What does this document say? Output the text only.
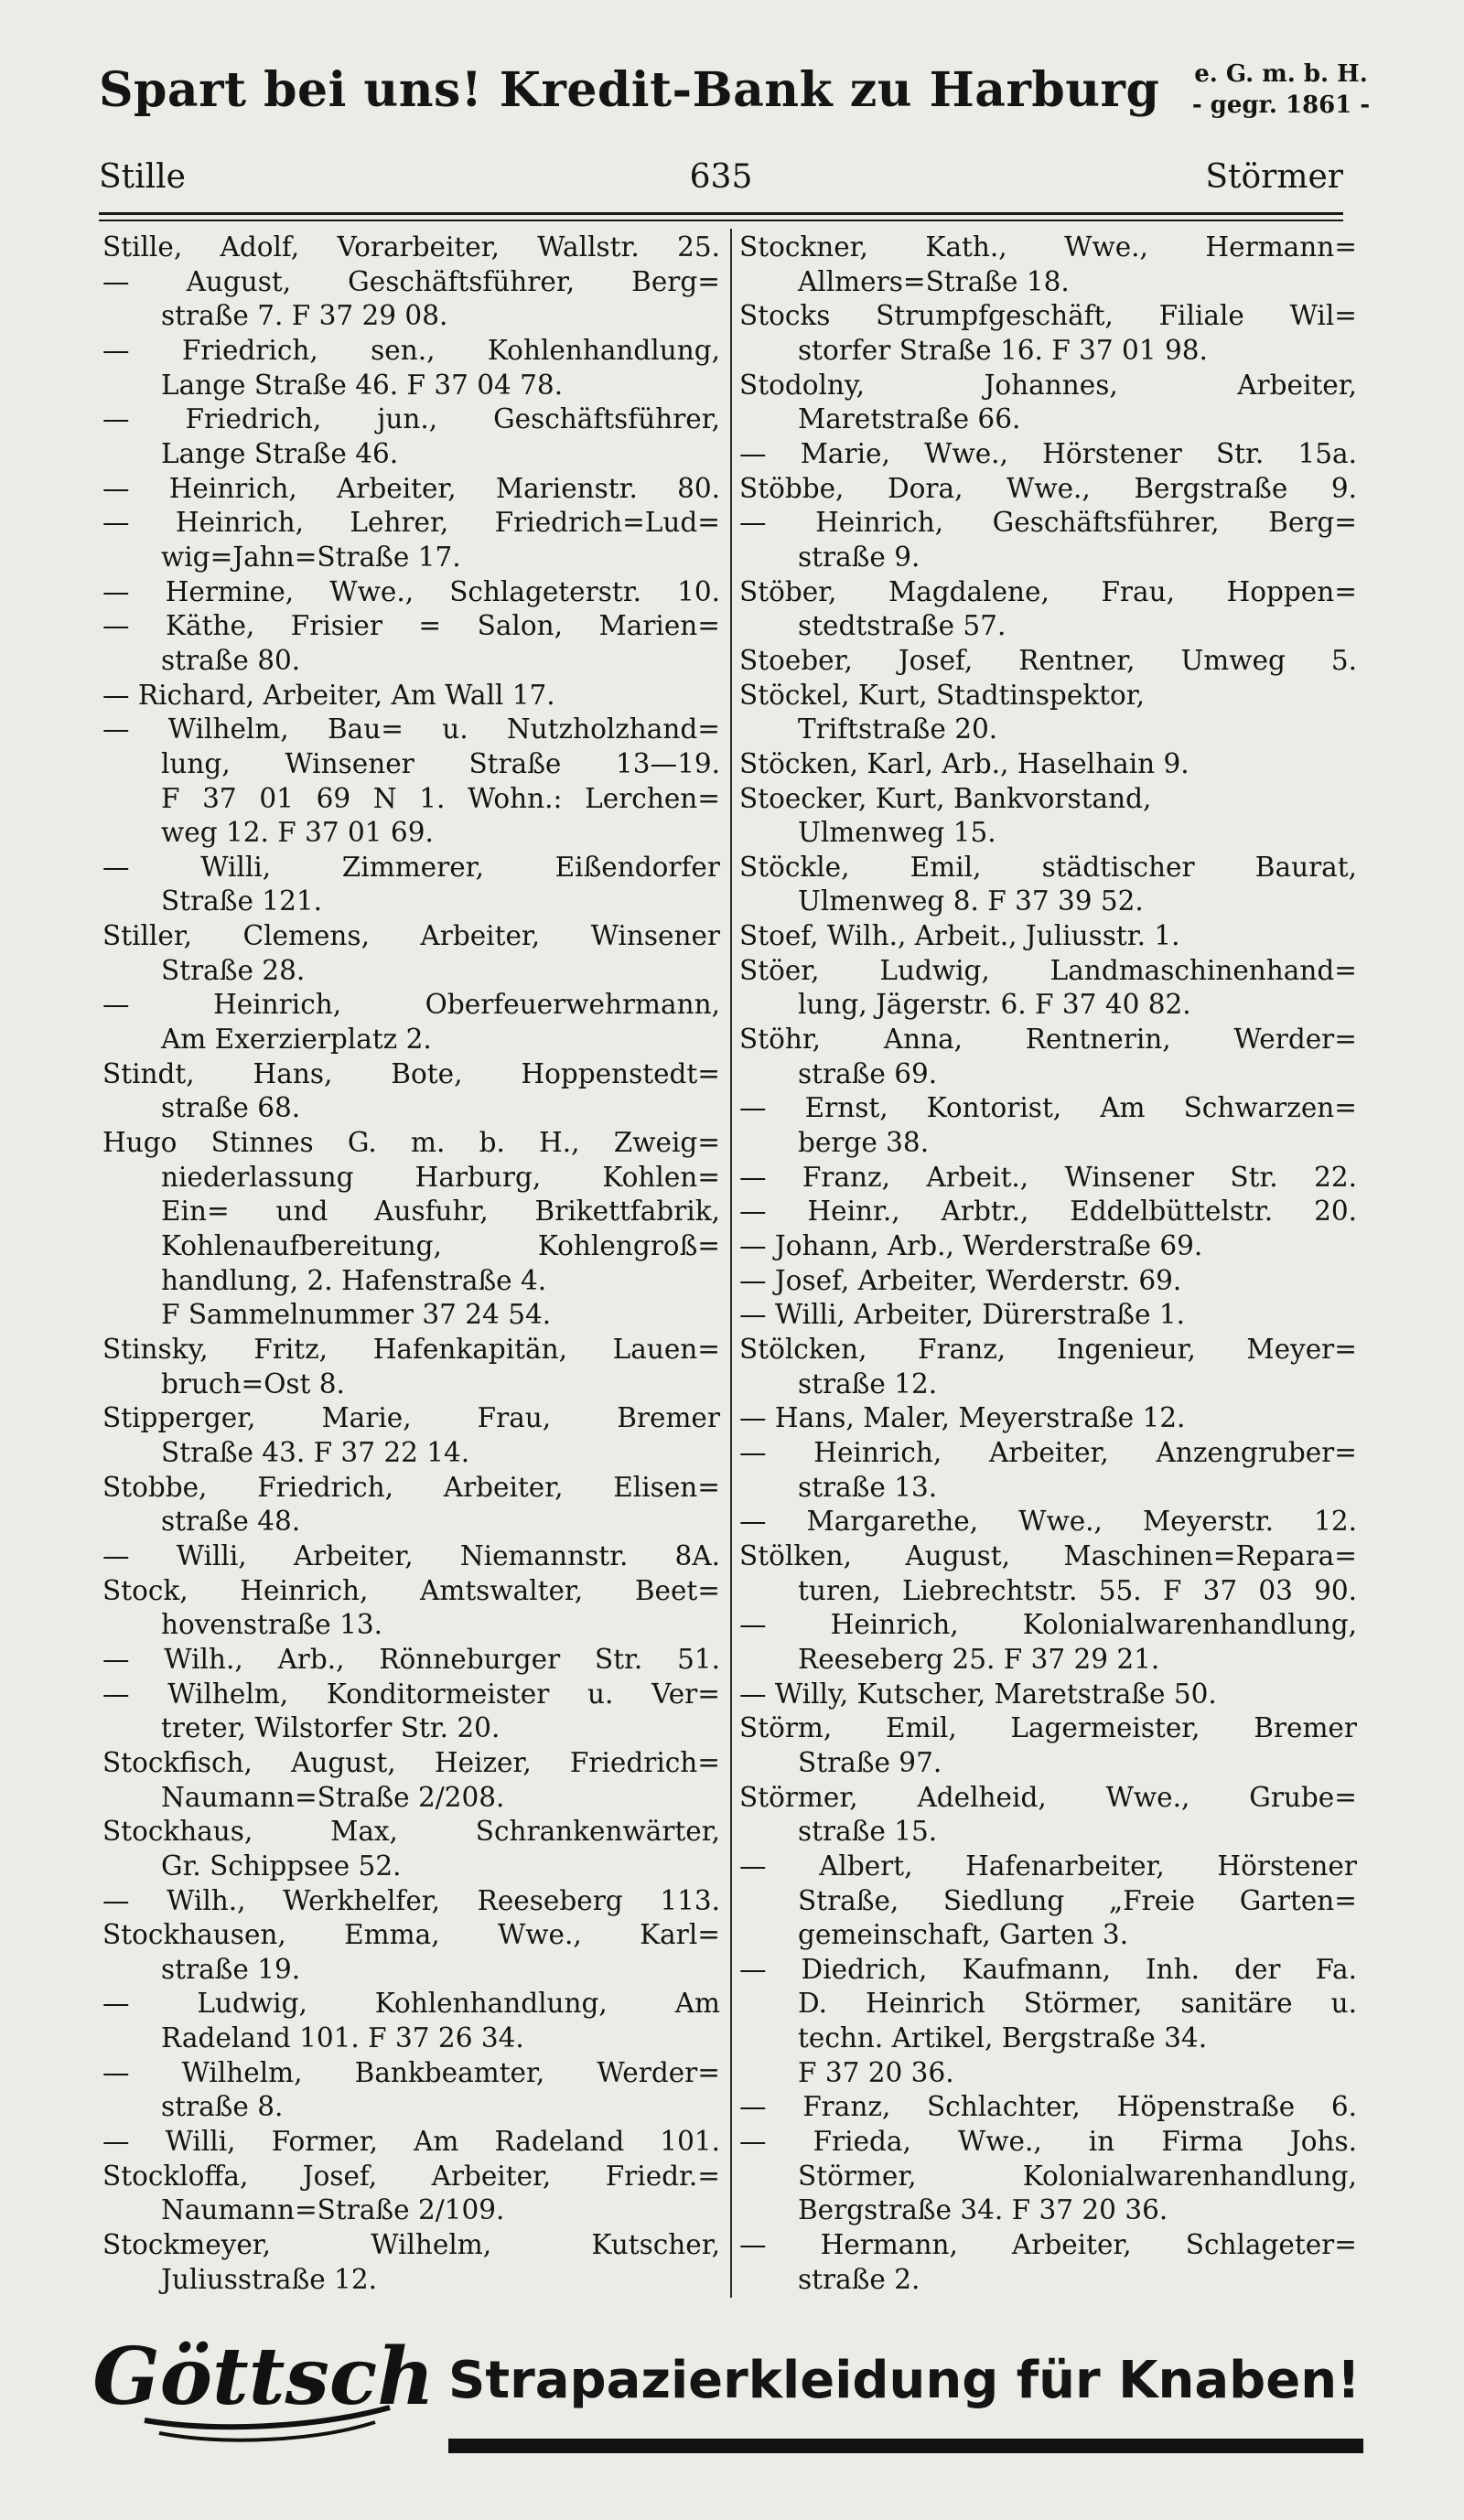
Spart bei uns! Kredit-Bank zu Harburg e. G. m. b. H.
- gegr. 1861 -
Stille	635	Störmer
Stille, Adolf, Vorarbeiter, Wallstr. 25.
— August, Geschäftsführer, Berg=
straße 7. F 37 29 08.
— Friedrich, sen., Kohlenhandlung,
Lange Straße 46. F 37 04 78.
— Friedrich, jun., Geschäftsführer,
Lange Straße 46.
— Heinrich, Arbeiter, Marienstr. 80.
— Heinrich, Lehrer, Friedrich=Lud=
wig=Jahn=Straße 17.
— Hermine, Wwe., Schlageterstr. 10.
— Käthe, Frisier = Salon, Marien=
straße 80.
— Richard, Arbeiter, Am Wall 17.
— Wilhelm, Bau= u. Nutzholzhand=
lung, Winsener Straße 13—19.
F 37 01 69 N 1. Wohn.: Lerchen=
weg 12. F 37 01 69.
— Willi, Zimmerer, Eißendorfer
Straße 121.
Stiller, Clemens, Arbeiter, Winsener
Straße 28.
— Heinrich, Oberfeuerwehrmann,
Am Exerzierplatz 2.
Stindt, Hans, Bote, Hoppenstedt=
straße 68.
Hugo Stinnes G. m. b. H., Zweig=
niederlassung Harburg, Kohlen=
Ein= und Ausfuhr, Brikettfabrik,
Kohlenaufbereitung, Kohlengroß=
handlung, 2. Hafenstraße 4.
F Sammelnummer 37 24 54.
Stinsky, Fritz, Hafenkapitän, Lauen=
bruch=Ost 8.
Stipperger, Marie, Frau, Bremer
Straße 43. F 37 22 14.
Stobbe, Friedrich, Arbeiter, Elisen=
straße 48.
— Willi, Arbeiter, Niemannstr. 8A.
Stock, Heinrich, Amtswalter, Beet=
hovenstraße 13.
— Wilh., Arb., Rönneburger Str. 51.
— Wilhelm, Konditormeister u. Ver=
treter, Wilstorfer Str. 20.
Stockfisch, August, Heizer, Friedrich=
Naumann=Straße 2/208.
Stockhaus, Max, Schrankenwärter,
Gr. Schippsee 52.
— Wilh., Werkhelfer, Reeseberg 113.
Stockhausen, Emma, Wwe., Karl=
straße 19.
— Ludwig, Kohlenhandlung, Am
Radeland 101. F 37 26 34.
— Wilhelm, Bankbeamter, Werder=
straße 8.
— Willi, Former, Am Radeland 101.
Stockloffa, Josef, Arbeiter, Friedr.=
Naumann=Straße 2/109.
Stockmeyer, Wilhelm, Kutscher,
Juliusstraße 12.
Stockner, Kath., Wwe., Hermann=
Allmers=Straße 18.
Stocks Strumpfgeschäft, Filiale Wil=
storfer Straße 16. F 37 01 98.
Stodolny, Johannes, Arbeiter,
Maretstraße 66.
— Marie, Wwe., Hörstener Str. 15a.
Stöbbe, Dora, Wwe., Bergstraße 9.
— Heinrich, Geschäftsführer, Berg=
straße 9.
Stöber, Magdalene, Frau, Hoppen=
stedtstraße 57.
Stoeber, Josef, Rentner, Umweg 5.
Stöckel, Kurt, Stadtinspektor,
Triftstraße 20.
Stöcken, Karl, Arb., Haselhain 9.
Stoecker, Kurt, Bankvorstand,
Ulmenweg 15.
Stöckle, Emil, städtischer Baurat,
Ulmenweg 8. F 37 39 52.
Stoef, Wilh., Arbeit., Juliusstr. 1.
Stöer, Ludwig, Landmaschinenhand=
lung, Jägerstr. 6. F 37 40 82.
Stöhr, Anna, Rentnerin, Werder=
straße 69.
— Ernst, Kontorist, Am Schwarzen=
berge 38.
— Franz, Arbeit., Winsener Str. 22.
— Heinr., Arbtr., Eddelbüttelstr. 20.
— Johann, Arb., Werderstraße 69.
— Josef, Arbeiter, Werderstr. 69.
— Willi, Arbeiter, Dürerstraße 1.
Stölcken, Franz, Ingenieur, Meyer=
straße 12.
— Hans, Maler, Meyerstraße 12.
— Heinrich, Arbeiter, Anzengruber=
straße 13.
— Margarethe, Wwe., Meyerstr. 12.
Stölken, August, Maschinen=Repara=
turen, Liebrechtstr. 55. F 37 03 90.
— Heinrich, Kolonialwarenhandlung,
Reeseberg 25. F 37 29 21.
— Willy, Kutscher, Maretstraße 50.
Störm, Emil, Lagermeister, Bremer
Straße 97.
Störmer, Adelheid, Wwe., Grube=
straße 15.
— Albert, Hafenarbeiter, Hörstener
Straße, Siedlung „Freie Garten=
gemeinschaft, Garten 3.
— Diedrich, Kaufmann, Inh. der Fa.
D. Heinrich Störmer, sanitäre u.
techn. Artikel, Bergstraße 34.
F 37 20 36.
— Franz, Schlachter, Höpenstraße 6.
— Frieda, Wwe., in Firma Johs.
Störmer, Kolonialwarenhandlung,
Bergstraße 34. F 37 20 36.
— Hermann, Arbeiter, Schlageter=
straße 2.
Göttsch Strapazierkleidung für Knaben!
